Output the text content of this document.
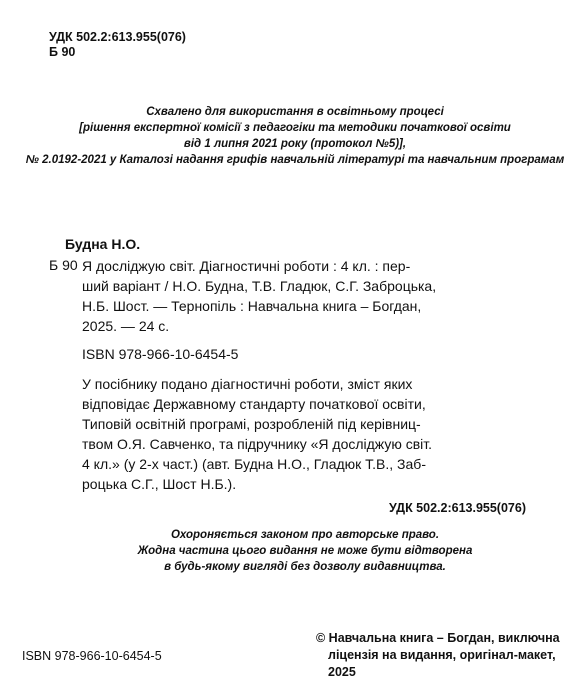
УДК 502.2:613.955(076)
Б 90
Схвалено для використання в освітньому процесі
[рішення експертної комісії з педагогіки та методики початкової освіти
від 1 липня 2021 року (протокол №5)],
№ 2.0192-2021 у Каталозі надання грифів навчальній літературі та навчальним програмам
Будна Н.О.
Б 90 Я досліджую світ. Діагностичні роботи : 4 кл. : пер-

ший варіант / Н.О. Будна, Т.В. Гладюк, С.Г. Заброцька,

Н.Б. Шост. — Тернопіль : Навчальна книга – Богдан,

2025. — 24 с.

ISBN 978-966-10-6454-5

У посібнику подано діагностичні роботи, зміст яких

відповідає Державному стандарту початкової освіти,

Типовій освітній програмі, розробленій під керівниц-

твом О.Я. Савченко, та підручнику «Я досліджую світ.

4 кл.» (у 2-х част.) (авт. Будна Н.О., Гладюк Т.В., Заб-

роцька С.Г., Шост Н.Б.).

УДК 502.2:613.955(076)
Охороняється законом про авторське право.
Жодна частина цього видання не може бути відтворена
в будь-якому вигляді без дозволу видавництва.
ISBN 978-966-10-6454-5
© Навчальна книга – Богдан, виключна
ліцензія на видання, оригінал-макет, 2025
